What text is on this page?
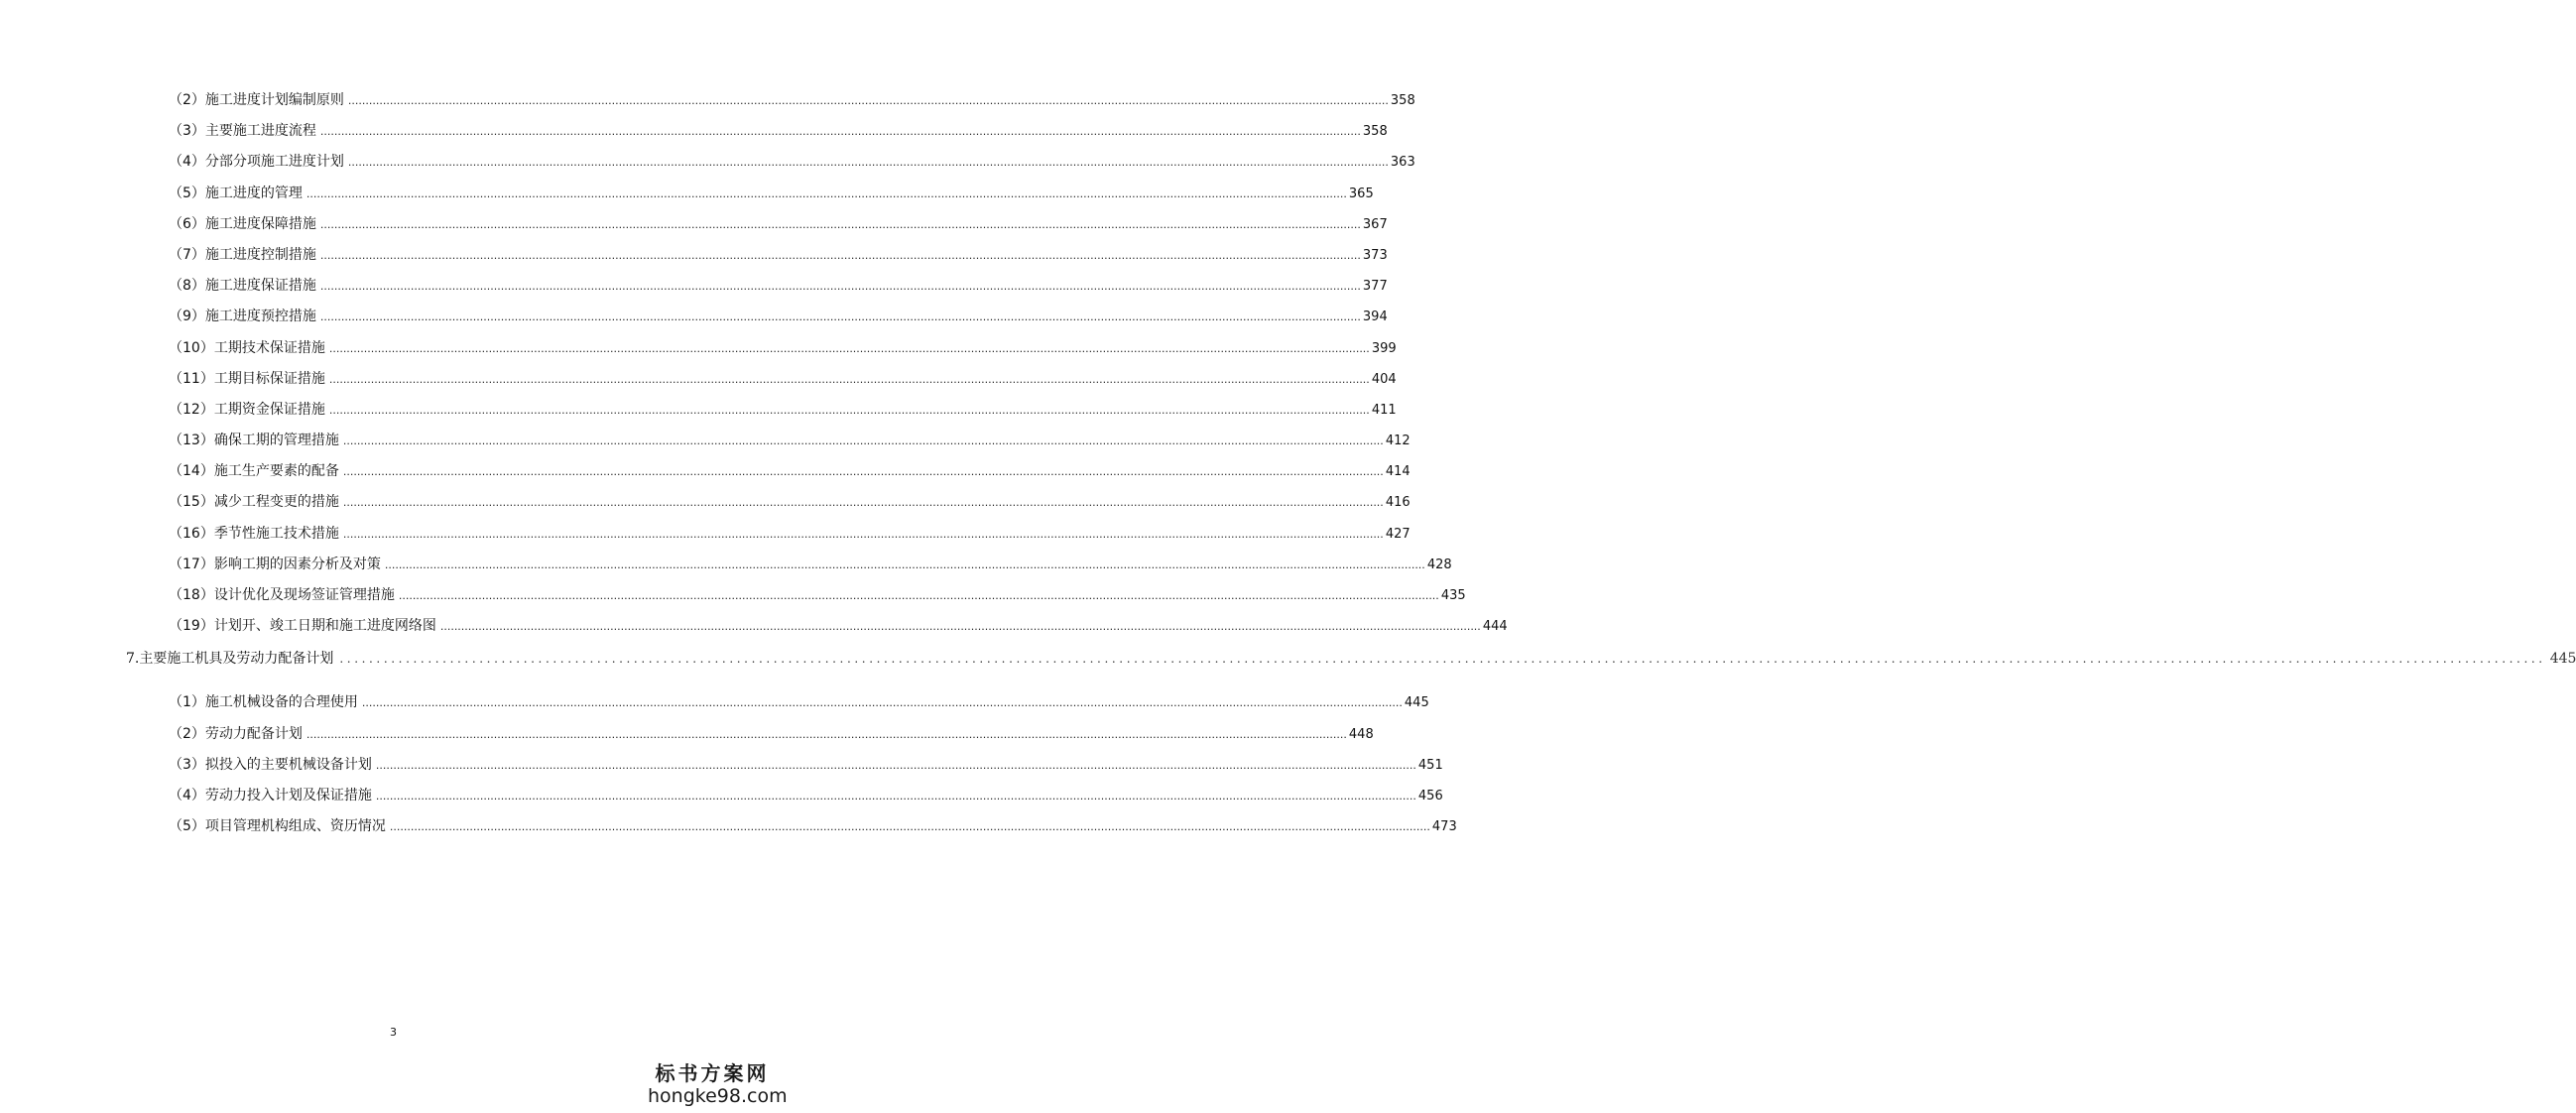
（2）施工进度计划编制原则 ............................................................................................................................................................................................................................................................................................................ 358
（3）主要施工进度流程 ............................................................................................................................................................................................................................................................................................................ 358
（4）分部分项施工进度计划 ............................................................................................................................................................................................................................................................................................................ 363
（5）施工进度的管理 ............................................................................................................................................................................................................................................................................................................ 365
（6）施工进度保障措施 ............................................................................................................................................................................................................................................................................................................ 367
（7）施工进度控制措施 ............................................................................................................................................................................................................................................................................................................ 373
（8）施工进度保证措施 ............................................................................................................................................................................................................................................................................................................ 377
（9）施工进度预控措施 ............................................................................................................................................................................................................................................................................................................ 394
（10）工期技术保证措施 ............................................................................................................................................................................................................................................................................................................ 399
（11）工期目标保证措施 ............................................................................................................................................................................................................................................................................................................ 404
（12）工期资金保证措施 ............................................................................................................................................................................................................................................................................................................ 411
（13）确保工期的管理措施 ............................................................................................................................................................................................................................................................................................................ 412
（14）施工生产要素的配备 ............................................................................................................................................................................................................................................................................................................ 414
（15）减少工程变更的措施 ............................................................................................................................................................................................................................................................................................................ 416
（16）季节性施工技术措施 ............................................................................................................................................................................................................................................................................................................ 427
（17）影响工期的因素分析及对策 ............................................................................................................................................................................................................................................................................................................ 428
（18）设计优化及现场签证管理措施 ............................................................................................................................................................................................................................................................................................................ 435
（19）计划开、竣工日期和施工进度网络图 ............................................................................................................................................................................................................................................................................................................ 444
7.主要施工机具及劳动力配备计划 ............................................................................................................................................................................................................................................................................................................ 445
（1）施工机械设备的合理使用 ............................................................................................................................................................................................................................................................................................................ 445
（2）劳动力配备计划 ............................................................................................................................................................................................................................................................................................................ 448
（3）拟投入的主要机械设备计划 ............................................................................................................................................................................................................................................................................................................ 451
（4）劳动力投入计划及保证措施 ............................................................................................................................................................................................................................................................................................................ 456
（5）项目管理机构组成、资历情况 ............................................................................................................................................................................................................................................................................................................ 473
3
标书方案网
hongke98.com
